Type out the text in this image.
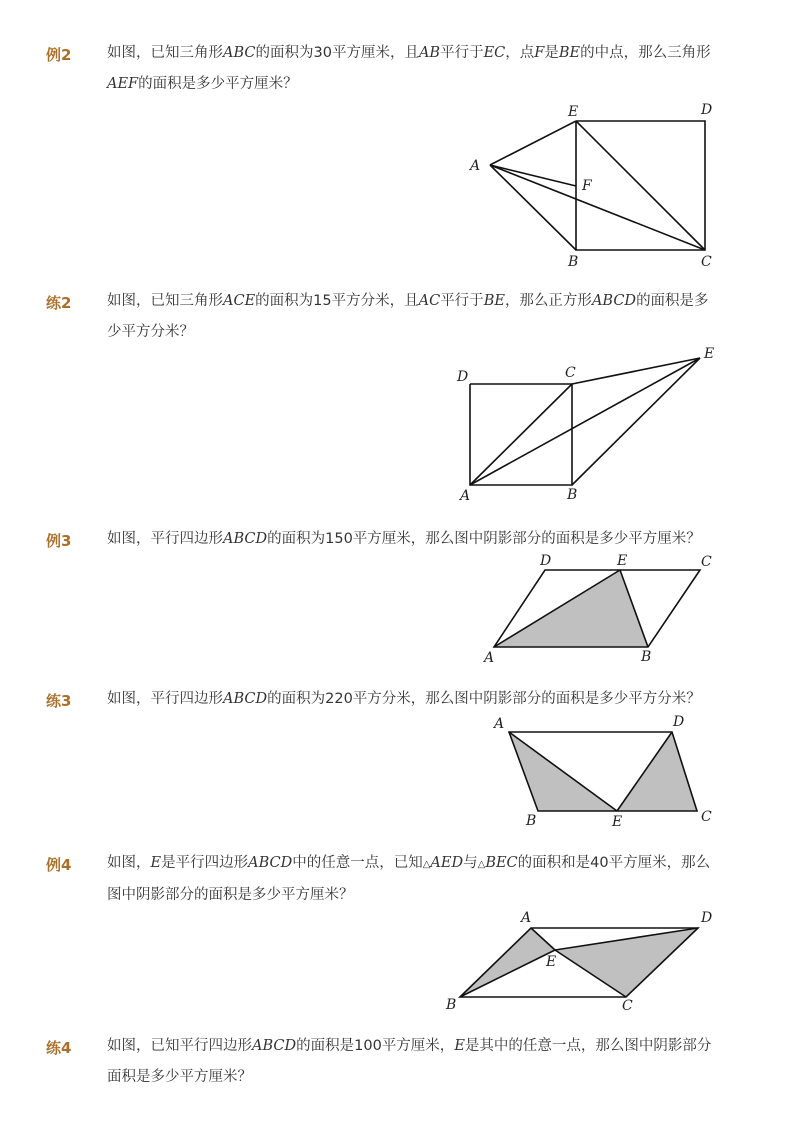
例2 如图，已知三角形ABC的面积为30平方厘米，且AB平行于EC，点F是BE的中点，那么三角形AEF的面积是多少平方厘米？
A
E	D
F
B	C
练2 如图，已知三角形ACE的面积为15平方分米，且AC平行于BE，那么正方形ABCD的面积是多少平方分米？
D	C
E
A	B
例3 如图，平行四边形ABCD的面积为150平方厘米，那么图中阴影部分的面积是多少平方厘米？
D	E	C
A	B
练3 如图，平行四边形ABCD的面积为220平方分米，那么图中阴影部分的面积是多少平方分米？
A	D
B	E	C
例4 如图，E是平行四边形ABCD中的任意一点，已知△AED与△BEC的面积和是40平方厘米，那么图中阴影部分的面积是多少平方厘米？
A	D
E
B	C
练4 如图，已知平行四边形ABCD的面积是100平方厘米，E是其中的任意一点，那么图中阴影部分面积是多少平方厘米？
